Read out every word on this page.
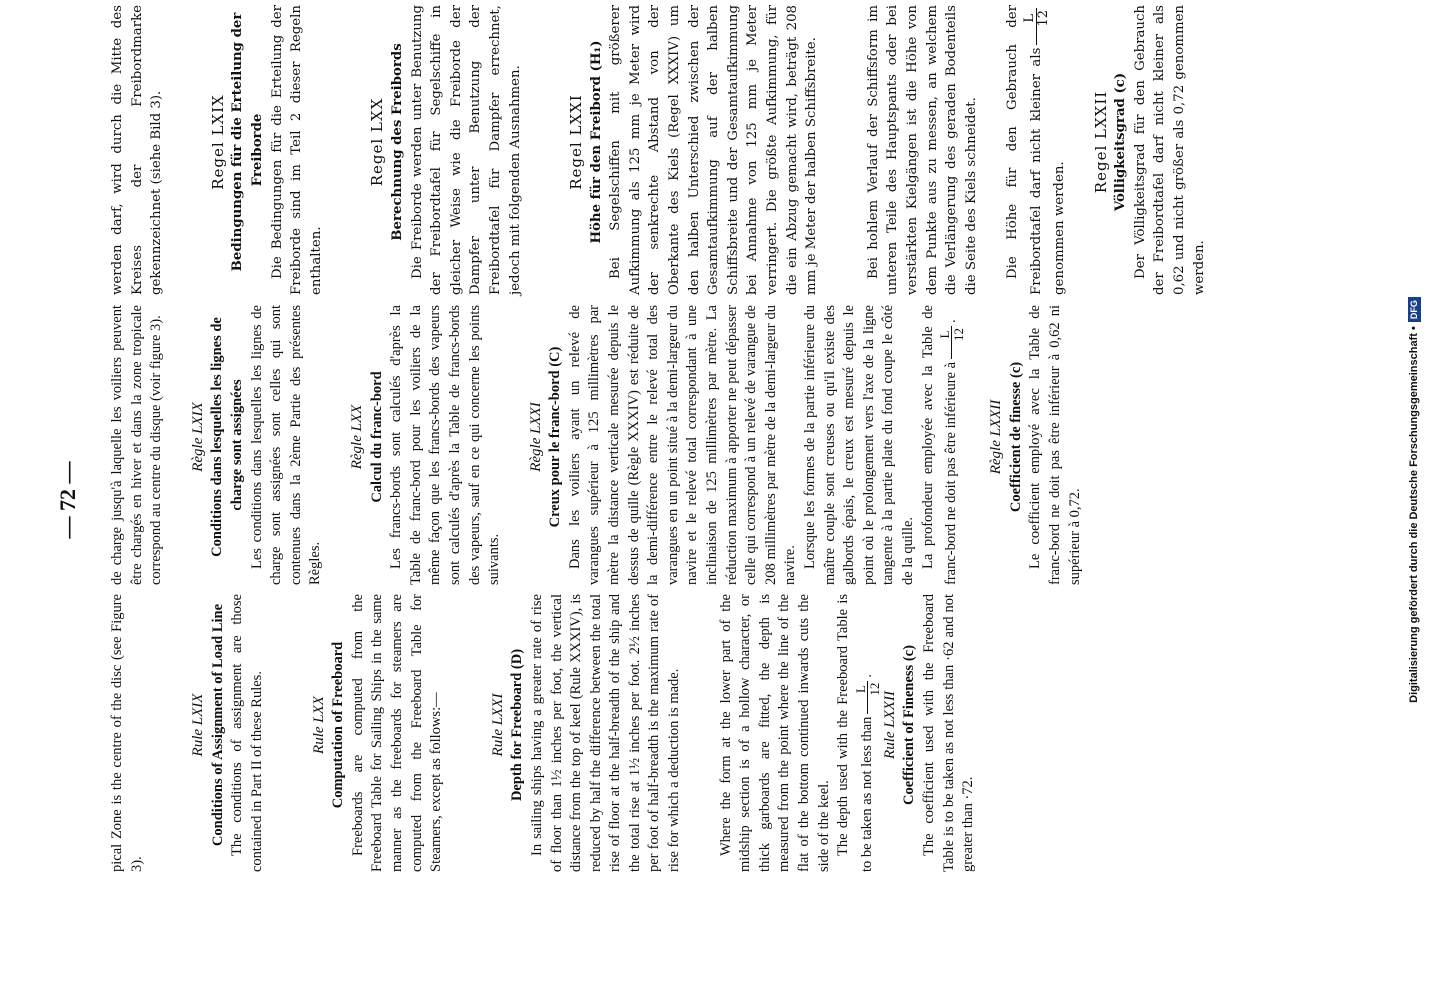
— 72 —

pical Zone is the centre of the disc (see Figure 3).

Rule LXIX Conditions of Assignment of Load Line The conditions of assignment are those contained in Part II of these Rules.	Rule LXX Computation of Freeboard Freeboards are computed from the Freeboard Table for Sailing Ships in the same manner as the freeboards for steamers are computed from the Freeboard Table for Steamers, except as follows:—	Rule LXXI Depth for Freeboard (D) In sailing ships having a greater rate of rise of floor than 1½ inches per foot, the vertical distance from the top of keel (Rule XXXIV), is reduced by half the difference between the total rise of floor at the half-breadth of the ship and the total rise at 1½ inches per foot. 2½ inches per foot of half-breadth is the maximum rate of rise for which a deduction is made. Where the form at the lower part of the midship section is of a hollow character, or thick garboards are fitted, the depth is measured from the point where the line of the flat of the bottom continued inwards cuts the side of the keel. The depth used with the Freeboard Table is to be taken as not less than
L 12
.

Rule LXXII Coefficient of Fineness (c) The coefficient used with the Freeboard Table is to be taken as not less than ·62 and not greater than ·72.

de charge jusqu'à laquelle les voiliers peuvent être chargés en hiver et dans la zone tropicale correspond au centre du disque (voir figure 3). Règle LXIX Conditions dans lesquelles les lignes de charge sont assignées Les conditions dans lesquelles les lignes de charge sont assignées sont celles qui sont contenues dans la 2ème Partie des présentes Règles.

Règle LXX Calcul du franc-bord Les francs-bords sont calculés d'après la Table de franc-bord pour les voiliers de la même façon que les francs-bords des vapeurs sont calculés d'après la Table de francs-bords des vapeurs, sauf en ce qui concerne les points suivants.

Règle LXXI Creux pour le franc-bord (C) Dans les voiliers ayant un relevé de varangues supérieur à 125 millimètres par mètre la distance verticale mesurée depuis le dessus de quille (Règle XXXIV) est réduite de la demi-différence entre le relevé total des varangues en un point situé à la demi-largeur du navire et le relevé total correspondant à une inclinaison de 125 millimètres par mètre. La réduction maximum à apporter ne peut dépasser celle qui correspond à un relevé de varangue de 208 millimètres par mètre de la demi-largeur du navire. Lorsque les formes de la partie inférieure du maître couple sont creuses ou qu'il existe des galbords épais, le creux est mesuré depuis le point où le prolongement vers l'axe de la ligne tangente à la partie plate du fond coupe le côté de la quille. La profondeur employée avec la Table de franc-bord ne doit pas être inférieure à
L 12
.

Règle LXXII Coefficient de finesse (c) Le coefficient employé avec la Table de franc-bord ne doit pas être inférieur à 0,62 ni supérieur à 0,72.

werden darf, wird durch die Mitte des Kreises der Freibordmarke gekennzeichnet (siehe Bild 3).	Regel LXIX Bedingungen für die Erteilung der Freiborde Die Bedingungen für die Erteilung der Freiborde sind im Teil 2 dieser Regeln enthalten.

Regel LXX Berechnung des Freibords Die Freiborde werden unter Benutzung der Freibordtafel für Segelschiffe in gleicher Weise wie die Freiborde der Dampfer unter Benutzung der Freibordtafel für Dampfer errechnet, jedoch mit folgenden Ausnahmen.	Regel LXXI Höhe für den Freibord (H₁) Bei Segelschiffen mit größerer Aufkimmung als 125 mm je Meter wird der senkrechte Abstand von der Oberkante des Kiels (Regel XXXIV) um den halben Unterschied zwischen der Gesamtaufkimmung auf der halben Schiffsbreite und der Gesamtaufkimmung bei Annahme von 125 mm je Meter verringert. Die größte Aufkimmung, für die ein Abzug gemacht wird, beträgt 208 mm je Meter der halben Schiffsbreite.	Bei hohlem Verlauf der Schiffsform im unteren Teile des Hauptspants oder bei verstärkten Kielgängen ist die Höhe von dem Punkte aus zu messen, an welchem die Verlängerung des geraden Bodenteils die Seite des Kiels schneidet. Die Höhe für den Gebrauch der Freibordtafel darf nicht kleiner als
L 12
genommen werden.

Regel LXXII Völligkeitsgrad (c) Der Völligkeitsgrad für den Gebrauch der Freibordtafel darf nicht kleiner als 0,62 und nicht größer als 0,72 genommen werden.

Digitalisierung gefördert durch die Deutsche Forschungsgemeinschaft •DFG
